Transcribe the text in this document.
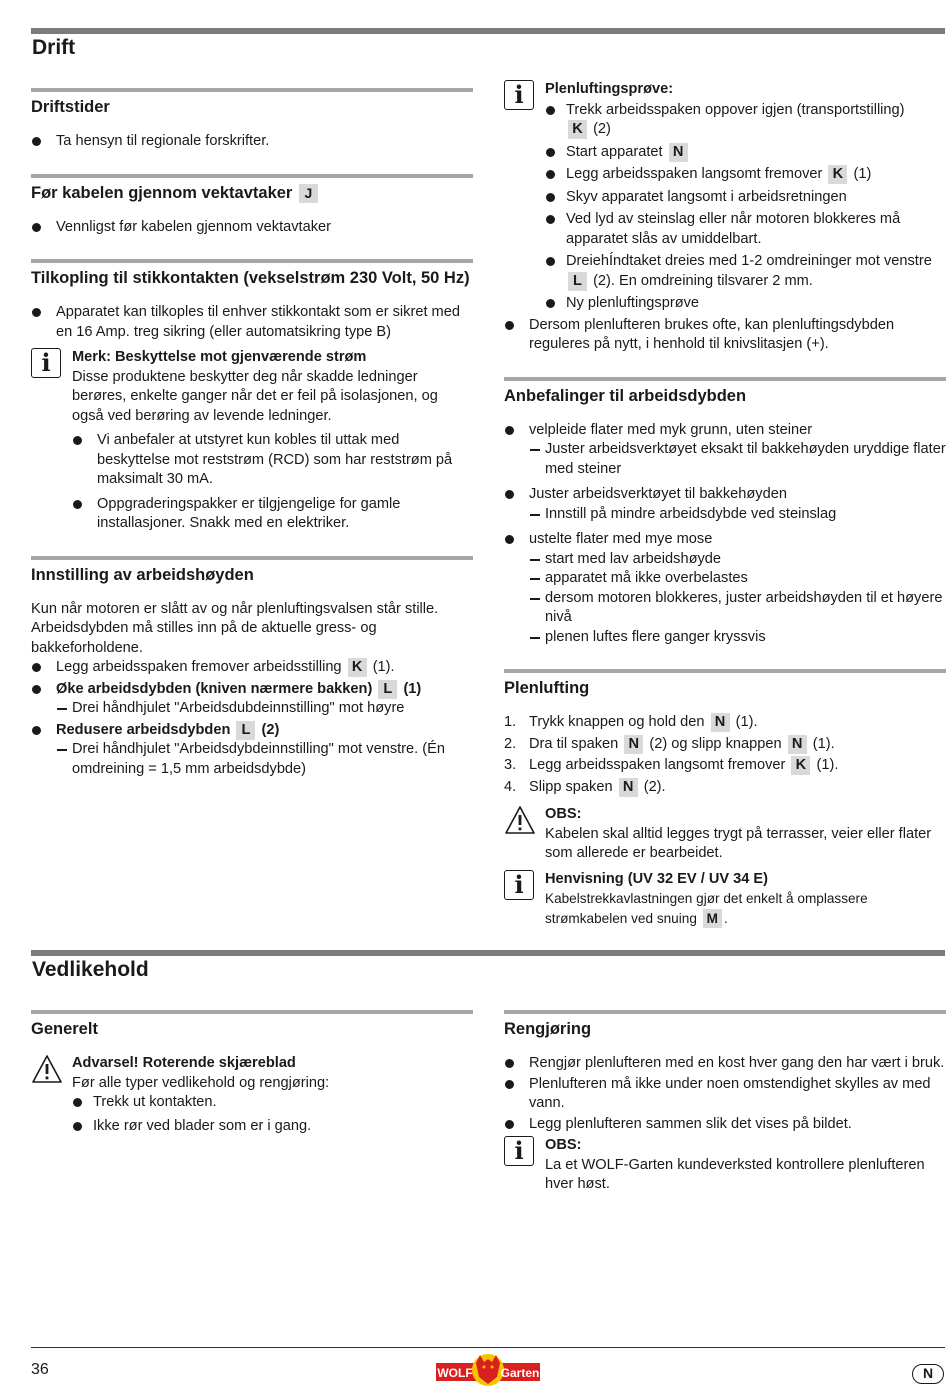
Drift
Driftstider
Ta hensyn til regionale forskrifter.
Før kabelen gjennom vektavtaker J
Vennligst før kabelen gjennom vektavtaker
Tilkopling til stikkontakten (vekselstrøm 230 Volt, 50 Hz)
Apparatet kan tilkoples til enhver stikkontakt som er sikret med en 16 Amp. treg sikring (eller automatsikring type B)
i	Merk: Beskyttelse mot gjenværende strøm

Disse produktene beskytter deg når skadde ledninger berøres, enkelte ganger når det er feil på isolasjonen, og også ved berøring av levende ledninger.

Vi anbefaler at utstyret kun kobles til uttak med beskyttelse mot reststrøm (RCD) som har reststrøm på maksimalt 30 mA.
Oppgraderingspakker er tilgjengelige for gamle installasjoner. Snakk med en elektriker.
Innstilling av arbeidshøyden

Kun når motoren er slått av og når plenluftingsvalsen står stille. Arbeidsdybden må stilles inn på de aktuelle gress- og bakkeforholdene.

Legg arbeidsspaken fremover arbeidsstilling K (1).
Øke arbeidsdybden (kniven nærmere bakken) L (1)
Drei håndhjulet "Arbeidsdubdeinnstilling" mot høyre
Redusere arbeidsdybden L (2)
Drei håndhjulet "Arbeidsdybdeinnstilling" mot venstre. (Én omdreining = 1,5 mm arbeidsdybde)
i	Plenluftingsprøve:

Trekk arbeidsspaken oppover igjen (transportstilling)
K (2)
Start apparatet N
Legg arbeidsspaken langsomt fremover K (1)
Skyv apparatet langsomt i arbeidsretningen
Ved lyd av steinslag eller når motoren blokkeres må apparatet slås av umiddelbart.
DreiehÍndtaket dreies med 1-2 omdreininger mot venstre
L (2). En omdreining tilsvarer 2 mm.
Ny plenluftingsprøve
Dersom plenlufteren brukes ofte, kan plenluftingsdybden reguleres på nytt, i henhold til knivslitasjen (+).
Anbefalinger til arbeidsdybden
velpleide flater med myk grunn, uten steiner
Juster arbeidsverktøyet eksakt til bakkehøyden uryddige flater med steiner
Juster arbeidsverktøyet til bakkehøyden
Innstill på mindre arbeidsdybde ved steinslag
ustelte flater med mye mose
start med lav arbeidshøyde
apparatet må ikke overbelastes
dersom motoren blokkeres, juster arbeidshøyden til et høyere nivå
plenen luftes flere ganger kryssvis
Plenlufting
1. Trykk knappen og hold den N (1).
2. Dra til spaken N (2) og slipp knappen N (1).
3. Legg arbeidsspaken langsomt fremover K (1).
4. Slipp spaken N (2).

OBS:

Kabelen skal alltid legges trygt på terrasser, veier eller flater som allerede er bearbeidet.

i	Henvisning (UV 32 EV / UV 34 E)

Kabelstrekkavlastningen gjør det enkelt å omplassere strømkabelen ved snuing M .

Vedlikehold
Generelt

Advarsel! Roterende skjæreblad

Før alle typer vedlikehold og rengjøring:

Trekk ut kontakten.
Ikke rør ved blader som er i gang.
Rengjøring
Rengjør plenlufteren med en kost hver gang den har vært i bruk.
Plenlufteren må ikke under noen omstendighet skylles av med vann.
Legg plenlufteren sammen slik det vises på bildet.
i	OBS:

La et WOLF-Garten kundeverksted kontrollere plenlufteren hver høst.

36	WOLF Garten	N
